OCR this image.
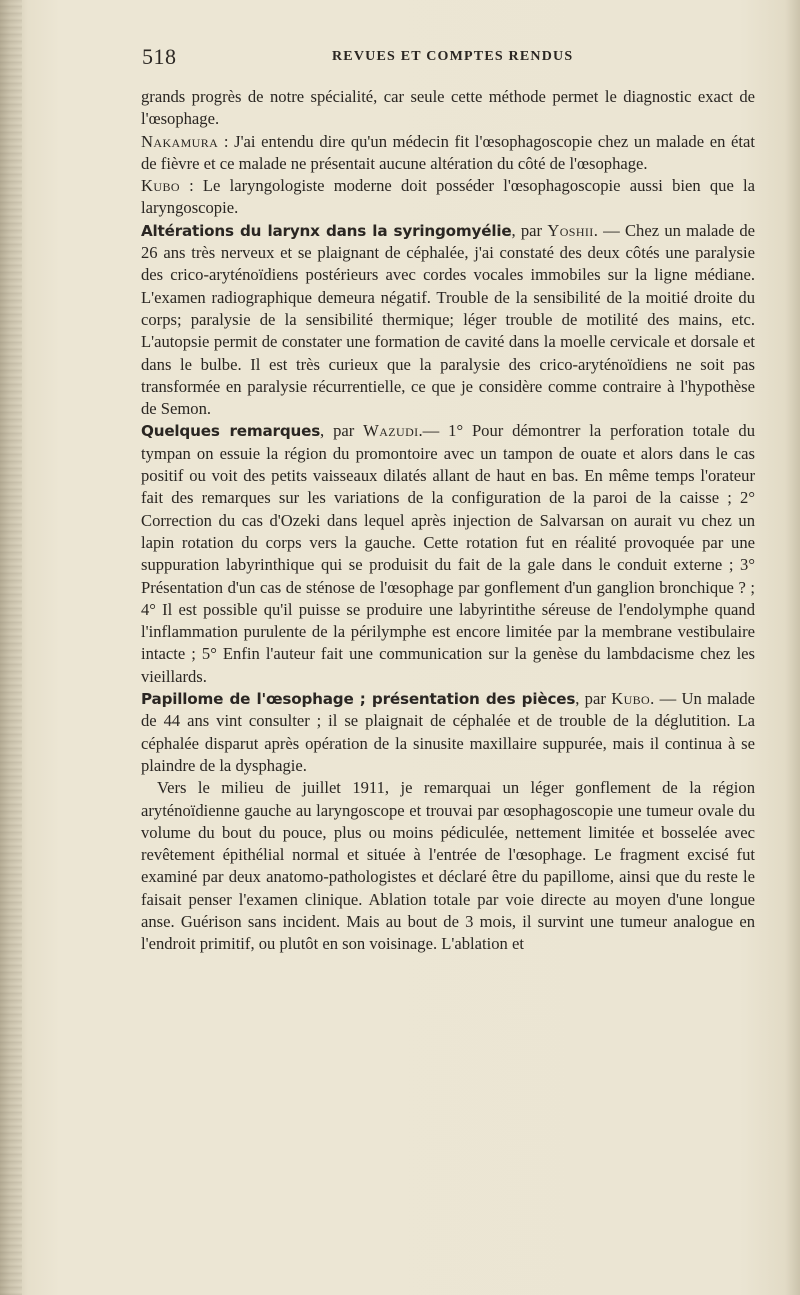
518	REVUES ET COMPTES RENDUS

grands progrès de notre spécialité, car seule cette méthode permet le diagnostic exact de l'œsophage.

Nakamura : J'ai entendu dire qu'un médecin fit l'œsophagoscopie chez un malade en état de fièvre et ce malade ne présentait aucune altération du côté de l'œsophage.

Kubo : Le laryngologiste moderne doit posséder l'œsophagoscopie aussi bien que la laryngoscopie.

Altérations du larynx dans la syringomyélie, par Yoshii. — Chez un malade de 26 ans très nerveux et se plaignant de céphalée, j'ai constaté des deux côtés une paralysie des crico-aryténoïdiens postérieurs avec cordes vocales immobiles sur la ligne médiane. L'examen radiographique demeura négatif. Trouble de la sensibilité de la moitié droite du corps; paralysie de la sensibilité thermique; léger trouble de motilité des mains, etc. L'autopsie permit de constater une formation de cavité dans la moelle cervicale et dorsale et dans le bulbe. Il est très curieux que la paralysie des crico-aryténoïdiens ne soit pas transformée en paralysie récurrentielle, ce que je considère comme contraire à l'hypothèse de Semon.

Quelques remarques, par Wazudi.— 1° Pour démontrer la perforation totale du tympan on essuie la région du promontoire avec un tampon de ouate et alors dans le cas positif ou voit des petits vaisseaux dilatés allant de haut en bas. En même temps l'orateur fait des remarques sur les variations de la configuration de la paroi de la caisse ; 2° Correction du cas d'Ozeki dans lequel après injection de Salvarsan on aurait vu chez un lapin rotation du corps vers la gauche. Cette rotation fut en réalité provoquée par une suppuration labyrinthique qui se produisit du fait de la gale dans le conduit externe ; 3° Présentation d'un cas de sténose de l'œsophage par gonflement d'un ganglion bronchique ? ; 4° Il est possible qu'il puisse se produire une labyrintithe séreuse de l'endolymphe quand l'inflammation purulente de la périlymphe est encore limitée par la membrane vestibulaire intacte ; 5° Enfin l'auteur fait une communication sur la genèse du lambdacisme chez les vieillards.

Papillome de l'œsophage ; présentation des pièces, par Kubo. — Un malade de 44 ans vint consulter ; il se plaignait de céphalée et de trouble de la déglutition. La céphalée disparut après opération de la sinusite maxillaire suppurée, mais il continua à se plaindre de la dysphagie.

Vers le milieu de juillet 1911, je remarquai un léger gonflement de la région aryténoïdienne gauche au laryngoscope et trouvai par œsophagoscopie une tumeur ovale du volume du bout du pouce, plus ou moins pédiculée, nettement limitée et bosselée avec revêtement épithélial normal et située à l'entrée de l'œsophage. Le fragment excisé fut examiné par deux anatomo-pathologistes et déclaré être du papillome, ainsi que du reste le faisait penser l'examen clinique. Ablation totale par voie directe au moyen d'une longue anse. Guérison sans incident. Mais au bout de 3 mois, il survint une tumeur analogue en l'endroit primitif, ou plutôt en son voisinage. L'ablation et
